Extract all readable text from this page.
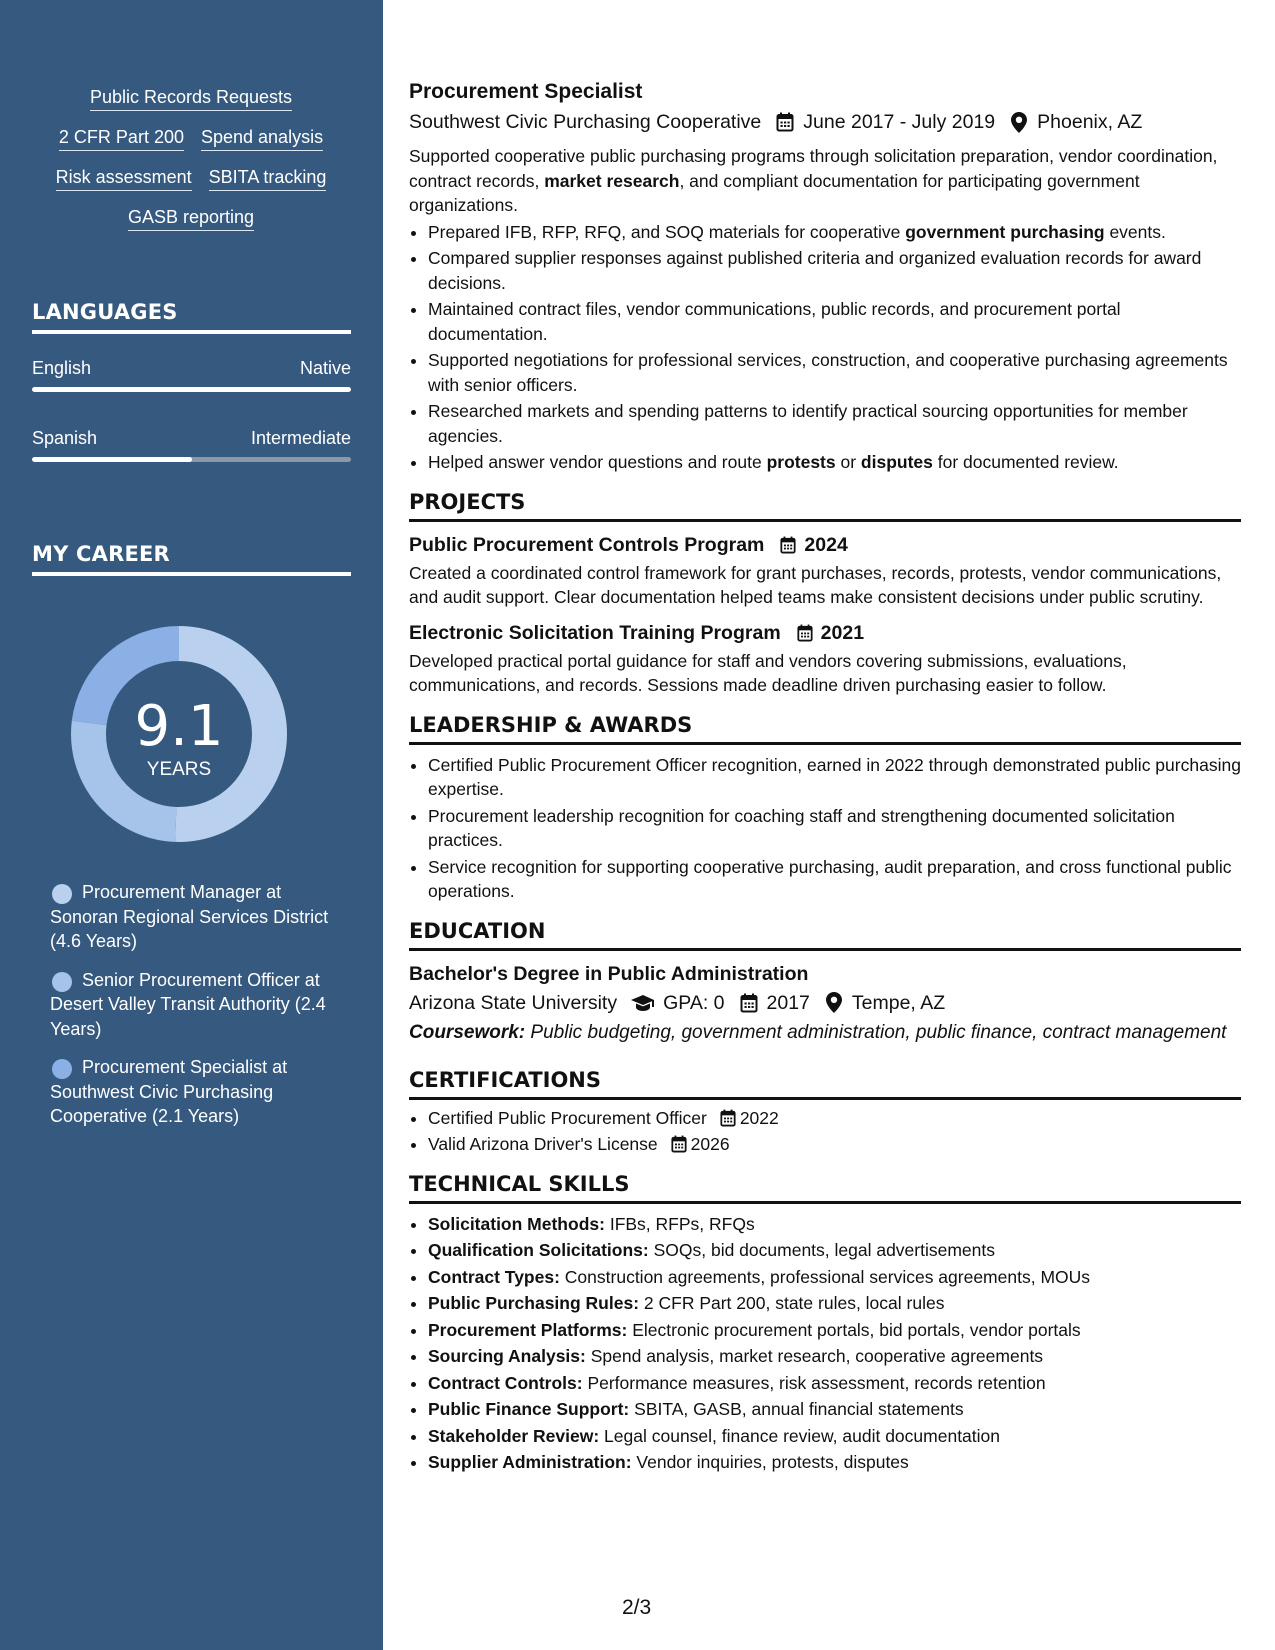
Public Records Requests
2 CFR Part 200 Spend analysis
Risk assessment SBITA tracking
GASB reporting
LANGUAGES
English	Native
Spanish	Intermediate
MY CAREER
9.1
YEARS
Procurement Manager at Sonoran Regional Services District (4.6 Years)
Senior Procurement Officer at Desert Valley Transit Authority (2.4 Years)
Procurement Specialist at Southwest Civic Purchasing Cooperative (2.1 Years)
Procurement Specialist
Southwest Civic Purchasing Cooperative June 2017 - July 2019 Phoenix, AZ

Supported cooperative public purchasing programs through solicitation preparation, vendor coordination, contract records, market research, and compliant documentation for participating government organizations.

• Prepared IFB, RFP, RFQ, and SOQ materials for cooperative government purchasing events.
• Compared supplier responses against published criteria and organized evaluation records for award decisions.
• Maintained contract files, vendor communications, public records, and procurement portal documentation.
• Supported negotiations for professional services, construction, and cooperative purchasing agreements with senior officers.
• Researched markets and spending patterns to identify practical sourcing opportunities for member agencies.
• Helped answer vendor questions and route protests or disputes for documented review.
PROJECTS
Public Procurement Controls Program 2024

Created a coordinated control framework for grant purchases, records, protests, vendor communications, and audit support. Clear documentation helped teams make consistent decisions under public scrutiny.

Electronic Solicitation Training Program 2021

Developed practical portal guidance for staff and vendors covering submissions, evaluations, communications, and records. Sessions made deadline driven purchasing easier to follow.

LEADERSHIP & AWARDS
• Certified Public Procurement Officer recognition, earned in 2022 through demonstrated public purchasing expertise.
• Procurement leadership recognition for coaching staff and strengthening documented solicitation practices.
• Service recognition for supporting cooperative purchasing, audit preparation, and cross functional public operations.
EDUCATION
Bachelor's Degree in Public Administration
Arizona State University GPA: 0 2017 Tempe, AZ

Coursework: Public budgeting, government administration, public finance, contract management

CERTIFICATIONS
• Certified Public Procurement Officer 2022
• Valid Arizona Driver's License 2026
TECHNICAL SKILLS
• Solicitation Methods: IFBs, RFPs, RFQs
• Qualification Solicitations: SOQs, bid documents, legal advertisements
• Contract Types: Construction agreements, professional services agreements, MOUs
• Public Purchasing Rules: 2 CFR Part 200, state rules, local rules
• Procurement Platforms: Electronic procurement portals, bid portals, vendor portals
• Sourcing Analysis: Spend analysis, market research, cooperative agreements
• Contract Controls: Performance measures, risk assessment, records retention
• Public Finance Support: SBITA, GASB, annual financial statements
• Stakeholder Review: Legal counsel, finance review, audit documentation
• Supplier Administration: Vendor inquiries, protests, disputes
2/3
